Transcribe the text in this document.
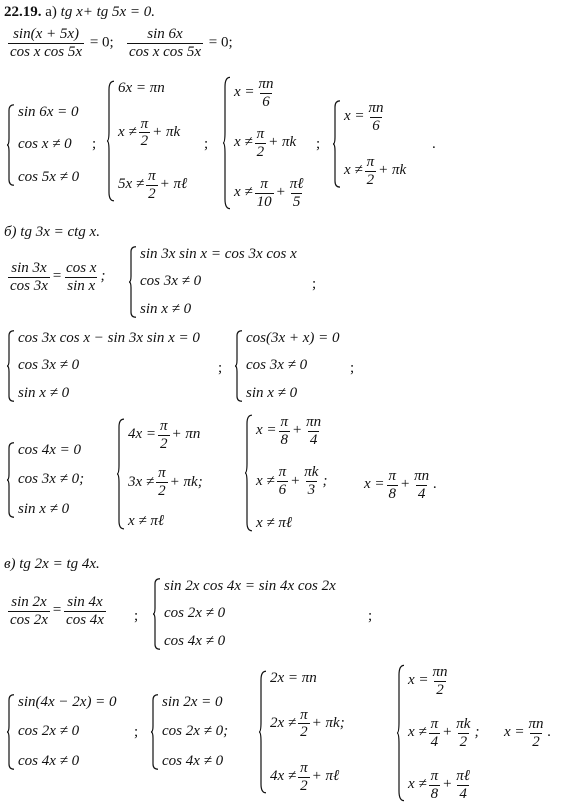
22.19. а) tg x+ tg 5x = 0.
$\frac{\sin(x + 5x)}{\text{cos x cos 5x}} = 0$; $\frac{\sin 6x}{\text{cos x cos 5x}} = 0$;
sin 6x = 0
cos x ≠ 0
cos 5x ≠ 0
;
6x = πn
$x \ne \frac{\pi}{2} + \pi k$
$5x \ne \frac{\pi}{2}$ + πℓ
;
$x = \frac{\pi n}{6}$
$x \ne \frac{\pi}{2} + \pi k$
$x \ne \frac{\pi}{10} + \frac{\text{πℓ}}{5}$
;
$x = \frac{\pi n}{6}$
$x \ne \frac{\pi}{2} + \pi k$
.
б) tg 3x = ctg x.
$\frac{\sin 3x}{\cos 3x} = \frac{\text{cos x}}{\text{sin x}}$ ;
sin 3x sin x = cos 3x cos x
cos 3x ≠ 0
sin x ≠ 0
;
cos 3x cos x − sin 3x sin x = 0
cos 3x ≠ 0
sin x ≠ 0
;
cos(3x + x) = 0
cos 3x ≠ 0
sin x ≠ 0
;
cos 4x = 0
cos 3x ≠ 0;
sin x ≠ 0
$4x = \frac{\pi}{2} + \pi n$
$3x \ne \frac{\pi}{2} + \pi k$;
x ≠ πℓ
$x = \frac{\pi}{8} + \frac{\pi n}{4}$
$x \ne \frac{\pi}{6} + \frac{\pi k}{3}$ ;
x ≠ πℓ
$x = \frac{\pi}{8} + \frac{\pi n}{4}$ .
в) tg 2x = tg 4x.
$\frac{\sin 2x}{\cos 2x} = \frac{\sin 4x}{\cos 4x}$ ;
sin 2x cos 4x = sin 4x cos 2x
cos 2x ≠ 0
cos 4x ≠ 0
;
sin(4x − 2x) = 0
cos 2x ≠ 0
cos 4x ≠ 0
;
sin 2x = 0
cos 2x ≠ 0;
cos 4x ≠ 0
2x = πn
$2x \ne \frac{\pi}{2} + \pi k$;
$4x \ne \frac{\pi}{2}$ + πℓ
$x = \frac{\pi n}{2}$
$x \ne \frac{\pi}{4} + \frac{\pi k}{2}$ ;
$x \ne \frac{\pi}{8} + \frac{\text{πℓ}}{4}$
$x = \frac{\pi n}{2}$ .
